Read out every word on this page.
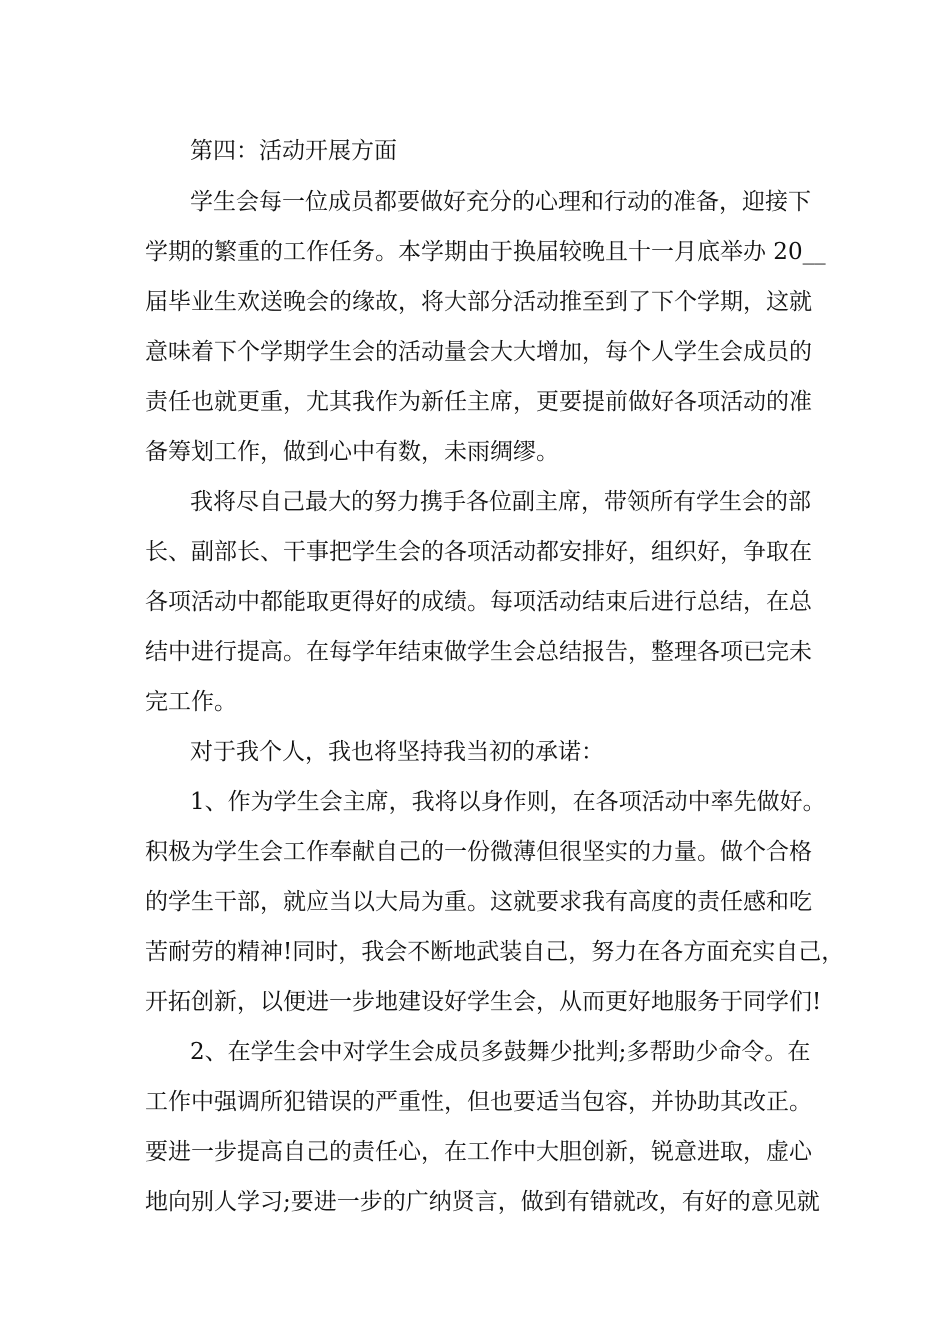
第四：活动开展方面
学生会每一位成员都要做好充分的心理和行动的准备，迎接下
学期的繁重的工作任务。本学期由于换届较晚且十一月底举办 20__
届毕业生欢送晚会的缘故，将大部分活动推至到了下个学期，这就
意味着下个学期学生会的活动量会大大增加，每个人学生会成员的
责任也就更重，尤其我作为新任主席，更要提前做好各项活动的准
备筹划工作，做到心中有数，未雨绸缪。
我将尽自己最大的努力携手各位副主席，带领所有学生会的部
长、副部长、干事把学生会的各项活动都安排好，组织好，争取在
各项活动中都能取更得好的成绩。每项活动结束后进行总结，在总
结中进行提高。在每学年结束做学生会总结报告，整理各项已完未
完工作。
对于我个人，我也将坚持我当初的承诺：
1、作为学生会主席，我将以身作则，在各项活动中率先做好。
积极为学生会工作奉献自己的一份微薄但很坚实的力量。做个合格
的学生干部，就应当以大局为重。这就要求我有高度的责任感和吃
苦耐劳的精神!同时，我会不断地武装自己，努力在各方面充实自己，
开拓创新，以便进一步地建设好学生会，从而更好地服务于同学们!
2、在学生会中对学生会成员多鼓舞少批判;多帮助少命令。在
工作中强调所犯错误的严重性，但也要适当包容，并协助其改正。
要进一步提高自己的责任心，在工作中大胆创新，锐意进取，虚心
地向别人学习;要进一步的广纳贤言，做到有错就改，有好的意见就
